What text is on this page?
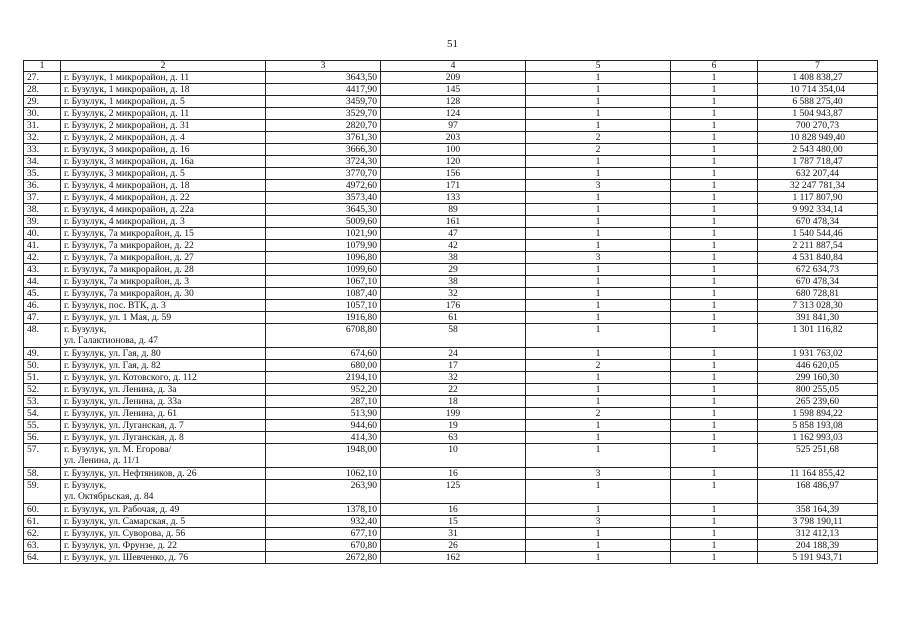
51
1	2	3	4	5	6	7
27.	г. Бузулук, 1 микрорайон, д. 11	3643,50	209	1	1	1 408 838,27
28.	г. Бузулук, 1 микрорайон, д. 18	4417,90	145	1	1	10 714 354,04
29.	г. Бузулук, 1 микрорайон, д. 5	3459,70	128	1	1	6 588 275,40
30.	г. Бузулук, 2 микрорайон, д. 11	3529,70	124	1	1	1 504 943,87
31.	г. Бузулук, 2 микрорайон, д. 31	2820,70	97	1	1	700 270,73
32.	г. Бузулук, 2 микрорайон, д. 4	3761,30	203	2	1	10 828 949,40
33.	г. Бузулук, 3 микрорайон, д. 16	3666,30	100	2	1	2 543 480,00
34.	г. Бузулук, 3 микрорайон, д. 16а	3724,30	120	1	1	1 787 718,47
35.	г. Бузулук, 3 микрорайон, д. 5	3770,70	156	1	1	632 207,44
36.	г. Бузулук, 4 микрорайон, д. 18	4972,60	171	3	1	32 247 781,34
37.	г. Бузулук, 4 микрорайон, д. 22	3573,40	133	1	1	1 117 807,90
38.	г. Бузулук, 4 микрорайон, д. 22а	3645,30	89	1	1	9 992 334,14
39.	г. Бузулук, 4 микрорайон, д. 3	5009,60	161	1	1	670 478,34
40.	г. Бузулук, 7а микрорайон, д. 15	1021,90	47	1	1	1 540 544,46
41.	г. Бузулук, 7а микрорайон, д. 22	1079,90	42	1	1	2 211 887,54
42.	г. Бузулук, 7а микрорайон, д. 27	1096,80	38	3	1	4 531 840,84
43.	г. Бузулук, 7а микрорайон, д. 28	1099,60	29	1	1	672 634,73
44.	г. Бузулук, 7а микрорайон, д. 3	1067,10	38	1	1	670 478,34
45.	г. Бузулук, 7а микрорайон, д. 30	1087,40	32	1	1	680 728,81
46.	г. Бузулук, пос. ВТК, д. 3	1057,10	176	1	1	7 313 028,30
47.	г. Бузулук, ул. 1 Мая, д. 59	1916,80	61	1	1	391 841,30
48.	г. Бузулук,
ул. Галактионова, д. 47	6708,80	58	1	1	1 301 116,82
49.	г. Бузулук, ул. Гая, д. 80	674,60	24	1	1	1 931 763,02
50.	г. Бузулук, ул. Гая, д. 82	680,00	17	2	1	446 620,05
51.	г. Бузулук, ул. Котовского, д. 112	2194,10	32	1	1	299 160,30
52.	г. Бузулук, ул. Ленина, д. 3а	952,20	22	1	1	800 255,05
53.	г. Бузулук, ул. Ленина, д. 33а	287,10	18	1	1	265 239,60
54.	г. Бузулук, ул. Ленина, д. 61	513,90	199	2	1	1 598 894,22
55.	г. Бузулук, ул. Луганская, д. 7	944,60	19	1	1	5 858 193,08
56.	г. Бузулук, ул. Луганская, д. 8	414,30	63	1	1	1 162 993,03
57.	г. Бузулук, ул. М. Егорова/
ул. Ленина, д. 11/1	1948,00	10	1	1	525 251,68
58.	г. Бузулук, ул. Нефтяников, д. 26	1062,10	16	3	1	11 164 855,42
59.	г. Бузулук,
ул. Октябрьская, д. 84	263,90	125	1	1	168 486,97
60.	г. Бузулук, ул. Рабочая, д. 49	1378,10	16	1	1	358 164,39
61.	г. Бузулук, ул. Самарская, д. 5	932,40	15	3	1	3 798 190,11
62.	г. Бузулук, ул. Суворова, д. 56	677,10	31	1	1	312 412,13
63.	г. Бузулук, ул. Фрунзе, д. 22	670,80	26	1	1	204 188,39
64.	г. Бузулук, ул. Шевченко, д. 76	2672,80	162	1	1	5 191 943,71
